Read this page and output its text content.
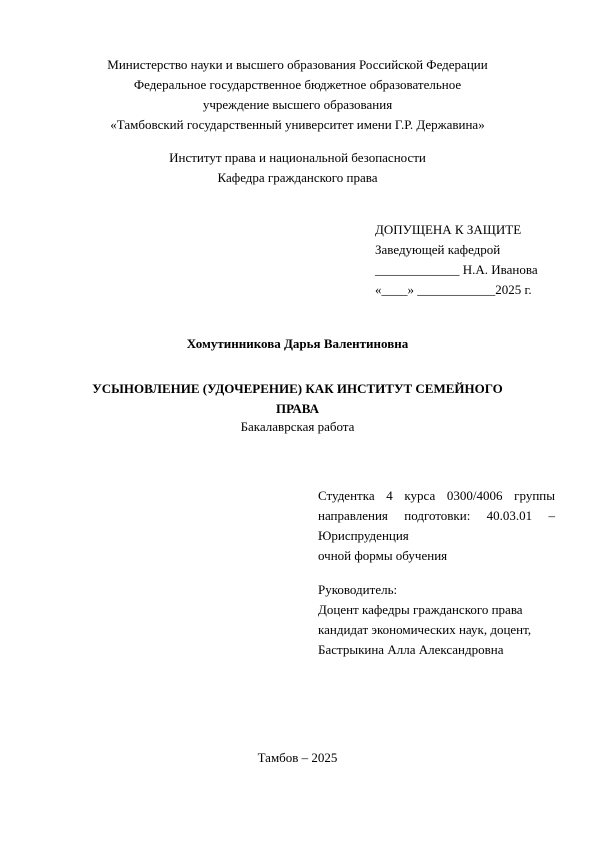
Министерство науки и высшего образования Российской Федерации
Федеральное государственное бюджетное образовательное
учреждение высшего образования
«Тамбовский государственный университет имени Г.Р. Державина»
Институт права и национальной безопасности
Кафедра гражданского права
ДОПУЩЕНА К ЗАЩИТЕ
Заведующей кафедрой
_____________ Н.А. Иванова
«____» ____________2025 г.
Хомутинникова Дарья Валентиновна
УСЫНОВЛЕНИЕ (УДОЧЕРЕНИЕ) КАК ИНСТИТУТ СЕМЕЙНОГО
ПРАВА
Бакалаврская работа
Студентка 4 курса 0300/4006 группы
направления подготовки: 40.03.01 –
Юриспруденция
очной формы обучения
Руководитель:
Доцент кафедры гражданского права
кандидат экономических наук, доцент,
Бастрыкина Алла Александровна
Тамбов – 2025
